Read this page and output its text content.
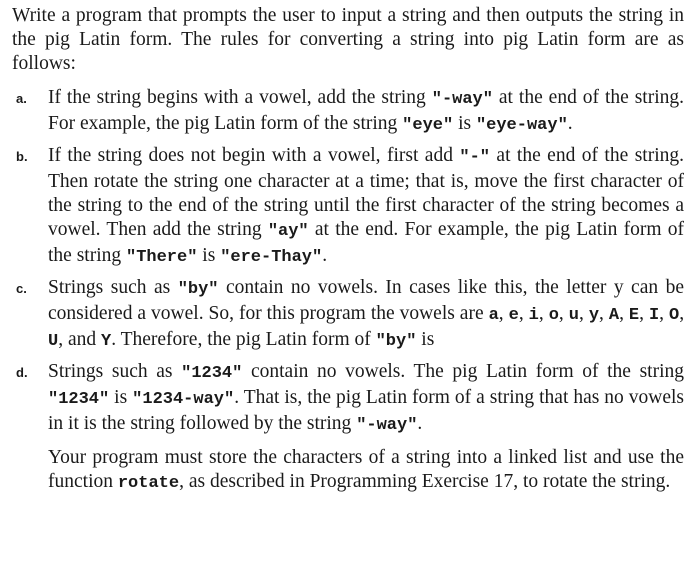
Write a program that prompts the user to input a string and then outputs the string in the pig Latin form. The rules for converting a string into pig Latin form are as follows:

a. If the string begins with a vowel, add the string "-way" at the end of the string. For example, the pig Latin form of the string "eye" is "eye-way".
b. If the string does not begin with a vowel, first add "-" at the end of the string. Then rotate the string one character at a time; that is, move the first character of the string to the end of the string until the first character of the string becomes a vowel. Then add the string "ay" at the end. For example, the pig Latin form of the string "There" is "ere-Thay".
c. Strings such as "by" contain no vowels. In cases like this, the letter y can be considered a vowel. So, for this program the vowels are a, e, i, o, u, y, A, E, I, O, U, and Y. Therefore, the pig Latin form of "by" is
d. Strings such as "1234" contain no vowels. The pig Latin form of the string "1234" is "1234-way". That is, the pig Latin form of a string that has no vowels in it is the string followed by the string "-way".

Your program must store the characters of a string into a linked list and use the function rotate, as described in Programming Exercise 17, to rotate the string.
